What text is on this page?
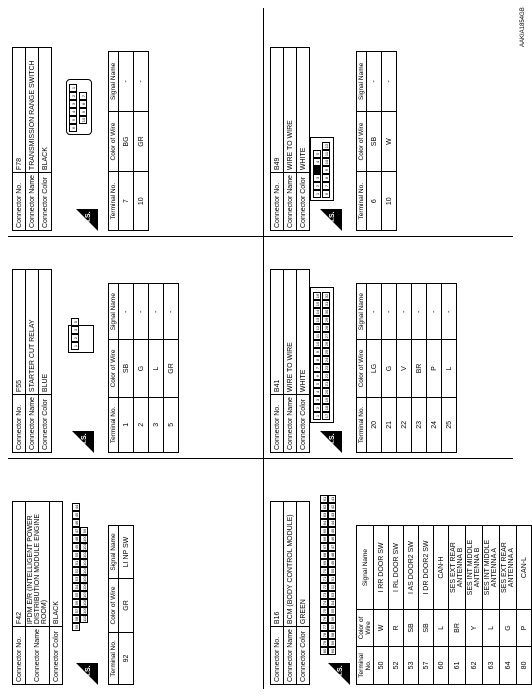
Connector No.	F42
Connector Name	IPDM E/R (INTELLIGENT POWER DISTRIBUTION MODULE ENGINE ROOM)
Connector Color	BLACK
H.S.
59
58
57
56
55
54
53
52
51
50
49
48
47
46
45
44
110
109
108
107
106
105
104
103
102
101
100
99
Terminal No.	Color of Wire	Signal Name
92	GR	LI NP SW
Connector No.	F55
Connector Name	STARTER CUT RELAY
Connector Color	BLUE
H.S.
1
2
3
5
Terminal No.	Color of Wire	Signal Name
1	SB	-
2	G	-
3	L	-
5	GR	-
Connector No.	F78
Connector Name	TRANSMISSION RANGE SWITCH
Connector Color	BLACK
H.S.
6
5
4
3
2
1
10
9
8
7
Terminal No.	Color of Wire	Signal Name
7	BG	-
10	GR	-
Connector No.	B16
Connector Name	BCM (BODY CONTROL MODULE)
Connector Color	GREEN
H.S.
80
79
78
77
76
75
74
73
72
71
70
69
68
67
66
65
64
63
62
61
60
59
58
57
56
55
54
53
52
51
50
49
48
47
46
45
44
43
42
41
Terminal No.	Color of Wire	Signal Name
50	W	I RR DOOR SW
52	R	I RL DOOR SW
53	SB	I AS DOOR2 SW
57	SB	I DR DOOR2 SW
60	L	CAN-H
61	BR	SES EXT REAR ANTENNA B
62	Y	SES INT MIDDLE ANTENNA B
63	L	SES INT MIDDLE ANTENNA A
64	G	SES EXT REAR ANTENNA A
80	P	CAN-L
Connector No.	B41
Connector Name	WIRE TO WIRE
Connector Color	WHITE
H.S.
1
2
3
4
5
6
7
8
9
10
11
12
13
14
15
16
17
18
19
20
21
22
23
24
25
26
27
28
29
30
31
32
Terminal No.	Color of Wire	Signal Name
20	LG	-
21	G	-
22	V	-
23	BR	-
24	P	-
25	L	-
Connector No.	B49
Connector Name	WIRE TO WIRE
Connector Color	WHITE
H.S.
1
2
3
4
5
6
7
8
9
10
11
12
Terminal No.	Color of Wire	Signal Name
6	SB	-
10	W	-
AAKIA1854GB
